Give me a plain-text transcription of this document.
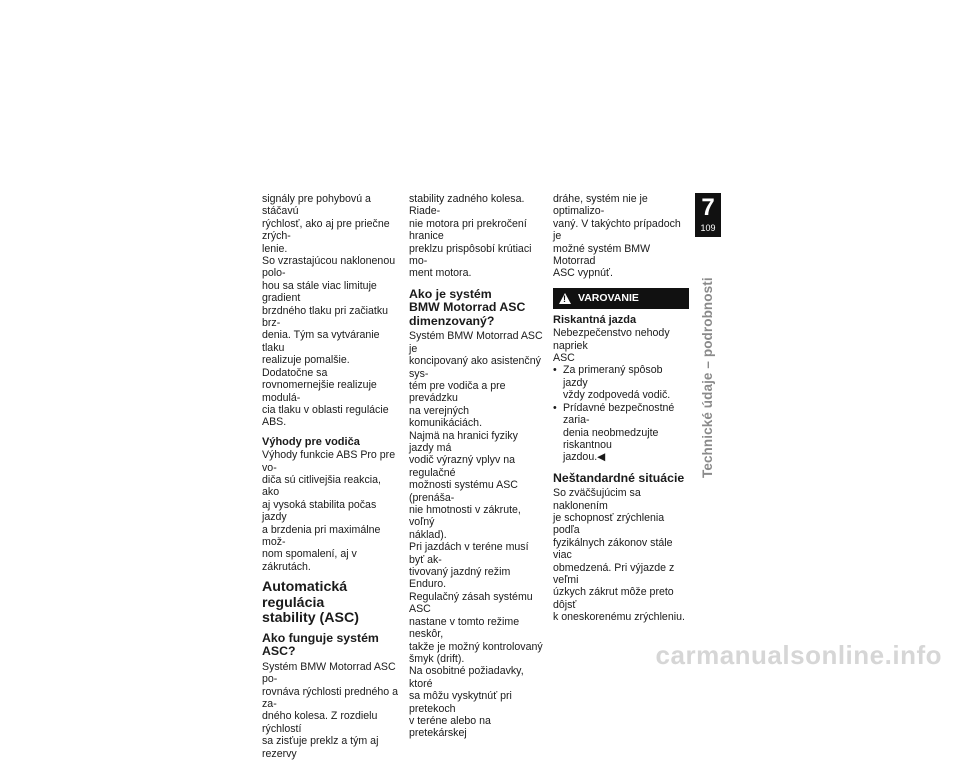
signály pre pohybovú a stáčavú
rýchlosť, ako aj pre priečne zrých-
lenie.
So vzrastajúcou naklonenou polo-
hou sa stále viac limituje gradient
brzdného tlaku pri začiatku brz-
denia. Tým sa vytváranie tlaku
realizuje pomalšie. Dodatočne sa
rovnomernejšie realizuje modulá-
cia tlaku v oblasti regulácie ABS.

Výhody pre vodiča

Výhody funkcie ABS Pro pre vo-
diča sú citlivejšia reakcia, ako
aj vysoká stabilita počas jazdy
a brzdenia pri maximálne mož-
nom spomalení, aj v zákrutách.

Automatická regulácia
stability (ASC)
Ako funguje systém ASC?

Systém BMW Motorrad ASC po-
rovnáva rýchlosti predného a za-
dného kolesa. Z rozdielu rýchlostí
sa zisťuje preklz a tým aj rezervy

stability zadného kolesa. Riade-
nie motora pri prekročení hranice
preklzu prispôsobí krútiaci mo-
ment motora.

Ako je systém
BMW Motorrad ASC
dimenzovaný?

Systém BMW Motorrad ASC je
koncipovaný ako asistenčný sys-
tém pre vodiča a pre prevádzku
na verejných komunikáciách.
Najmä na hranici fyziky jazdy má
vodič výrazný vplyv na regulačné
možnosti systému ASC (prenáša-
nie hmotnosti v zákrute, voľný
náklad).
Pri jazdách v teréne musí byť ak-
tivovaný jazdný režim Enduro.
Regulačný zásah systému ASC
nastane v tomto režime neskôr,
takže je možný kontrolovaný
šmyk (drift).
Na osobitné požiadavky, ktoré
sa môžu vyskytnúť pri pretekoch
v teréne alebo na pretekárskej

dráhe, systém nie je optimalizo-
vaný. V takýchto prípadoch je
možné systém BMW Motorrad
ASC vypnúť.

! VAROVANIE
Riskantná jazda

Nebezpečenstvo nehody napriek
ASC

• Za primeraný spôsob jazdy
vždy zodpovedá vodič.
• Prídavné bezpečnostné zaria-
denia neobmedzujte riskantnou
jazdou.◀
Neštandardné situácie

So zväčšujúcim sa naklonením
je schopnosť zrýchlenia podľa
fyzikálnych zákonov stále viac
obmedzená. Pri výjazde z veľmi
úzkych zákrut môže preto dôjsť
k oneskorenému zrýchleniu.

7
109
Technické údaje – podrobnosti
carmanualsonline.info
